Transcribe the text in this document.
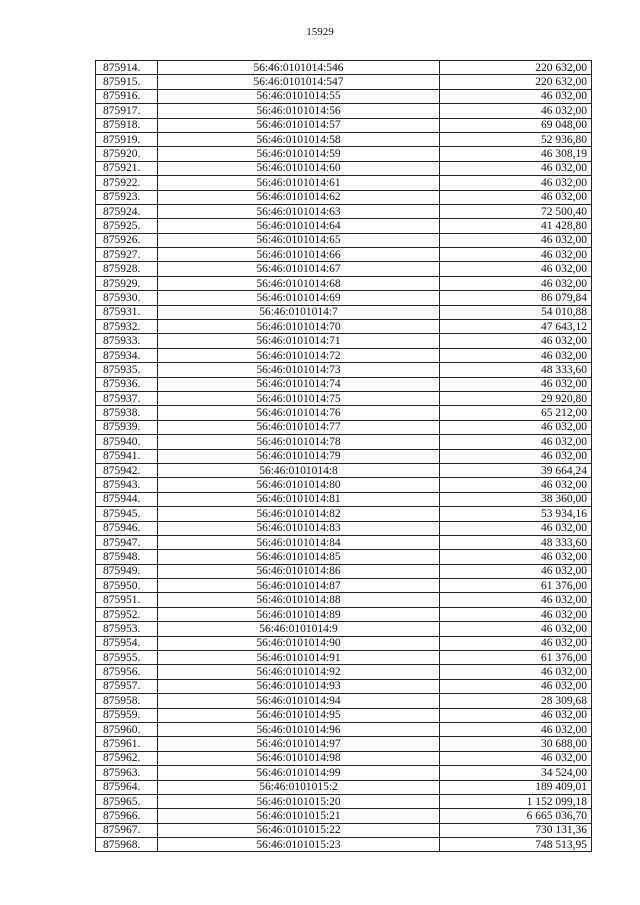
15929
875914.	56:46:0101014:546	220 632,00
875915.	56:46:0101014:547	220 632,00
875916.	56:46:0101014:55	46 032,00
875917.	56:46:0101014:56	46 032,00
875918.	56:46:0101014:57	69 048,00
875919.	56:46:0101014:58	52 936,80
875920.	56:46:0101014:59	46 308,19
875921.	56:46:0101014:60	46 032,00
875922.	56:46:0101014:61	46 032,00
875923.	56:46:0101014:62	46 032,00
875924.	56:46:0101014:63	72 500,40
875925.	56:46:0101014:64	41 428,80
875926.	56:46:0101014:65	46 032,00
875927.	56:46:0101014:66	46 032,00
875928.	56:46:0101014:67	46 032,00
875929.	56:46:0101014:68	46 032,00
875930.	56:46:0101014:69	86 079,84
875931.	56:46:0101014:7	54 010,88
875932.	56:46:0101014:70	47 643,12
875933.	56:46:0101014:71	46 032,00
875934.	56:46:0101014:72	46 032,00
875935.	56:46:0101014:73	48 333,60
875936.	56:46:0101014:74	46 032,00
875937.	56:46:0101014:75	29 920,80
875938.	56:46:0101014:76	65 212,00
875939.	56:46:0101014:77	46 032,00
875940.	56:46:0101014:78	46 032,00
875941.	56:46:0101014:79	46 032,00
875942.	56:46:0101014:8	39 664,24
875943.	56:46:0101014:80	46 032,00
875944.	56:46:0101014:81	38 360,00
875945.	56:46:0101014:82	53 934,16
875946.	56:46:0101014:83	46 032,00
875947.	56:46:0101014:84	48 333,60
875948.	56:46:0101014:85	46 032,00
875949.	56:46:0101014:86	46 032,00
875950.	56:46:0101014:87	61 376,00
875951.	56:46:0101014:88	46 032,00
875952.	56:46:0101014:89	46 032,00
875953.	56:46:0101014:9	46 032,00
875954.	56:46:0101014:90	46 032,00
875955.	56:46:0101014:91	61 376,00
875956.	56:46:0101014:92	46 032,00
875957.	56:46:0101014:93	46 032,00
875958.	56:46:0101014:94	28 309,68
875959.	56:46:0101014:95	46 032,00
875960.	56:46:0101014:96	46 032,00
875961.	56:46:0101014:97	30 688,00
875962.	56:46:0101014:98	46 032,00
875963.	56:46:0101014:99	34 524,00
875964.	56:46:0101015:2	189 409,01
875965.	56:46:0101015:20	1 152 099,18
875966.	56:46:0101015:21	6 665 036,70
875967.	56:46:0101015:22	730 131,36
875968.	56:46:0101015:23	748 513,95
